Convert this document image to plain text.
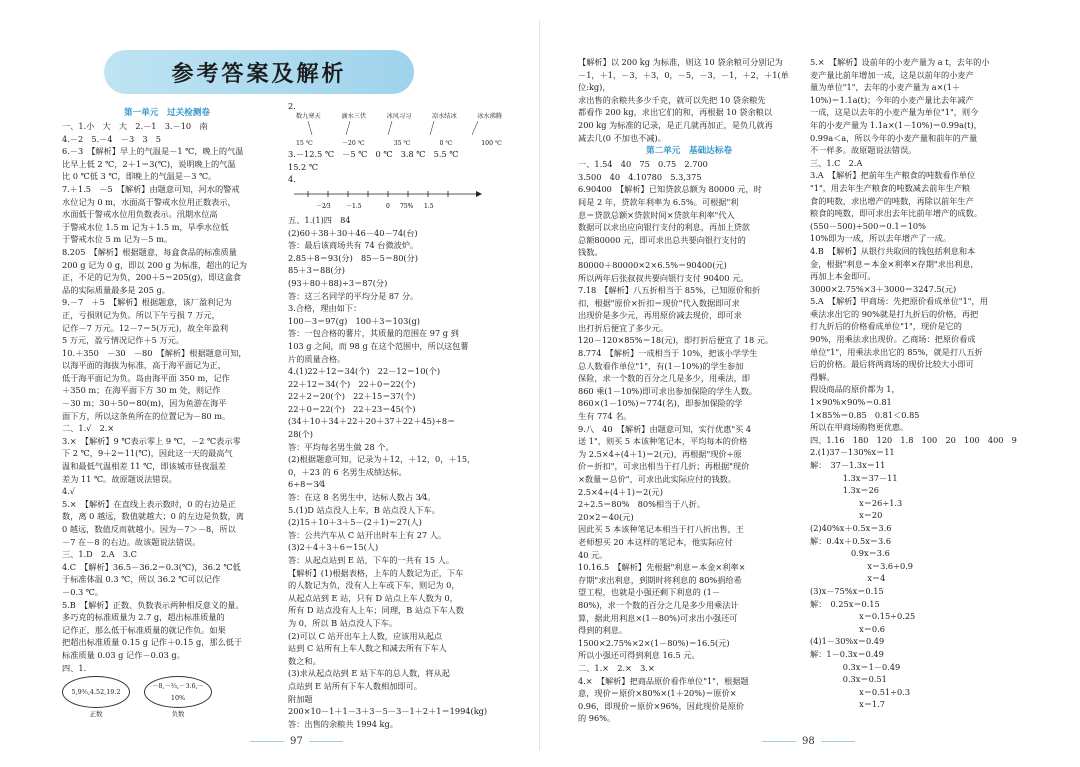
参考答案及解析
第一单元　过关检测卷

一、1.小　大　大　2.－1　3.－10　南

4.－2　5.－4　－3　3　5

6.－3　【解析】早上的气温是－1 ℃，晚上的气温

比早上低 2 ℃，2＋1＝3(℃)，说明晚上的气温

比 0 ℃低 3 ℃，即晚上的气温是－3 ℃。

7.＋1.5　－5　【解析】由题意可知，河水的警戒

水位记为 0 m，水面高于警戒水位用正数表示，

水面低于警戒水位用负数表示。汛期水位高

于警戒水位 1.5 m 记为＋1.5 m，旱季水位低

于警戒水位 5 m 记为－5 m。

8.205　【解析】根据题意，每盒食品的标准质量

200 g 记为 0 g，即以 200 g 为标准，超出的记为

正，不足的记为负，200＋5＝205(g)，即这盒食

品的实际质量最多是 205 g。

9.－7　＋5　【解析】根据题意，该厂盈利记为

正，亏损则记为负。所以下午亏损 7 万元，

记作－7 万元。12－7＝5(万元)，故全年盈利

5 万元，盈亏情况记作＋5 万元。

10.＋350　－30　－80　【解析】根据题意可知，

以海平面的海拔为标准，高于海平面记为正，

低于海平面记为负。岛由海平面 350 m，记作

＋350 m；在海平面下方 30 m 处，则记作

－30 m；30＋50＝80(m)，因为鱼游在海平

面下方，所以这条鱼所在的位置记为－80 m。

二、1.√　2.×

3.×　【解析】9 ℃表示零上 9 ℃，－2 ℃表示零

下 2 ℃，9＋2＝11(℃)，因此这一天的最高气

温和最低气温相差 11 ℃，即该城市昼夜温差

差为 11 ℃。故原题说法错误。

4.√

5.×　【解析】在直线上表示数时，0 的右边是正

数，离 0 越远，数值就越大；0 的左边是负数，离

0 越远，数值反而就越小。因为－7＞－8，所以

－7 在－8 的右边。故该题说法错误。

三、1.D　2.A　3.C

4.C　【解析】36.5－36.2＝0.3(℃)，36.2 ℃低

于标准体温 0.3 ℃，所以 36.2 ℃可以记作

－0.3 ℃。

5.B　【解析】正数、负数表示两种相反意义的量。

多巧克的标准质量为 2.7 g，超出标准质量的

记作正，那么低于标准质量的就记作负。如果

把超出标准质量 0.15 g 记作＋0.15 g，那么低于

标准质量 0.03 g 记作－0.03 g。

四、1.

5,9⅗,4.52,19.2
正数
－8,－⅔,－3.6,－10%
负数

2.

数九寒天	滴水三伏	冰风习习	凉水结冰	冰水沸腾
15 ℃	－20 ℃	35 ℃	0 ℃	100 ℃

3.－12.5 ℃　－5 ℃　0 ℃　3.8 ℃　5.5 ℃

15.2 ℃

4.

－2⁄3	－1.5	0 75% 1.5

五、1.(1)四　84

(2)60＋38＋30＋46－40－74(台)

答：最后该商场共有 74 台微波炉。

2.85＋8＝93(分)　85－5＝80(分)

85＋3＝88(分)

(93＋80＋88)÷3＝87(分)

答：这三名同学的平均分是 87 分。

3.合格，理由如下：

100－3＝97(g)　100＋3＝103(g)

答：一包合格的薯片，其质量的范围在 97 g 到

103 g 之间，而 98 g 在这个范围中，所以这包薯

片的质量合格。

4.(1)22＋12＝34(个)　22－12＝10(个)

22＋12＝34(个)　22＋0＝22(个)

22＋2＝20(个)　22＋15＝37(个)

22＋0＝22(个)　22＋23＝45(个)

(34＋10＋34＋22＋20＋37＋22＋45)÷8＝

28(个)

答：平均每名男生做 28 个。

(2)根据题意可知，记录为＋12，＋12，0，＋15，

0，＋23 的 6 名男生成绩达标。

6÷8＝3⁄4

答：在这 8 名男生中，达标人数占 3⁄4。

5.(1)D 站点没人上车，B 站点没人下车。

(2)15＋10＋3＋5－(2＋1)＝27(人)

答：公共汽车从 C 站开出时车上有 27 人。

(3)2＋4＋3＋6＝15(人)

答：从起点站到 E 站，下车的一共有 15 人。

【解析】(1)根据表格，上车的人数记为正，下车

的人数记为负，没有人上车或下车，则记为 0，

从起点站到 E 站，只有 D 站点上车人数为 0，

所有 D 站点没有人上车；同理，B 站点下车人数

为 0，所以 B 站点没人下车。

(2)可以 C 站开出车上人数，应该用从起点

站到 C 站所有上车人数之和减去所有下车人

数之和。

(3)求从起点站到 E 站下车的总人数，将从起

点站到 E 站所有下车人数相加即可。

附加题

200×10－1＋1－3＋3－5－3－1＋2＋1＝1994(kg)

答：出售的余粮共 1994 kg。

97

【解析】以 200 kg 为标准，则这 10 袋余粮可分别记为

－1，＋1，－3，＋3，0，－5，－3，－1，＋2，＋1(单位:kg)，

求出售的余粮共多少千克，就可以先把 10 袋余粮先

都看作 200 kg，求出它们的和，再根据 10 袋余粮以

200 kg 为标准的记录，是正几就再加正，是负几就再

减去几(0 不加也不减)。

第二单元　基础达标卷

一、1.54　40　75　0.75　2.700

3.500　40　4.10780　5.3,375

6.90400　【解析】已知贷款总额为 80000 元，时

间是 2 年，贷款年利率为 6.5%。可根据"利

息＝贷款总额×贷款时间×贷款年利率"代入

数据可以求出应向银行支付的利息，再加上贷款

总额80000 元，即可求出总共要向银行支付的

钱数。

80000＋80000×2×6.5%＝90400(元)

所以两年后张叔叔共要向银行支付 90400 元。

7.18　【解析】八五折相当于 85%，已知原价和折

扣，根据"原价×折扣＝现价"代入数据即可求

出现价是多少元，再用原价减去现价，即可求

出打折后便宜了多少元。

120－120×85%＝18(元)，即打折后便宜了 18 元。

8.774　【解析】一成相当于 10%，把该小学学生

总人数看作单位"1"，有(1－10%)的学生参加

保险，求一个数的百分之几是多少，用乘法，即

860 乘(1－10%)即可求出参加保险的学生人数。

860×(1－10%)＝774(名)，即参加保险的学

生有 774 名。

9.八　40　【解析】由题意可知，实行优惠"买 4

送 1"，则买 5 本该种笔记本，平均每本的价格

为 2.5×4÷(4＋1)＝2(元)，再根据"现价÷原

价＝折扣"，可求出相当于打几折；再根据"现价

×数量＝总价"，可求出此实际应付的钱数。

2.5×4÷(4＋1)＝2(元)

2÷2.5＝80%　80%相当于八折。

20×2＝40(元)

因此买 5 本该种笔记本相当于打八折出售，王

老师想买 20 本这样的笔记本，他实际应付

40 元。

10.16.5　【解析】先根据"利息＝本金×利率×

存期"求出利息，到期时将利息的 80%捐给希

望工程，也就是小强还剩下利息的 (1－

80%)，求一个数的百分之几是多少用乘法计

算，据此用利息×(1－80%)可求出小强还可

得到的利息。

1500×2.75%×2×(1－80%)＝16.5(元)

所以小强还可得到利息 16.5 元。

二、1.×　2.×　3.×

4.×　【解析】把商品原价看作单位"1"，根据题

意，现价＝原价×80%×(1＋20%)＝原价×

0.96，即现价＝原价×96%，因此现价是原价

的 96%。

5.×　【解析】设前年的小麦产量为 a t，去年的小

麦产量比前年增加一成，这是以前年的小麦产

量为单位"1"，去年的小麦产量为 a×(1＋

10%)＝1.1a(t)；今年的小麦产量比去年减产

一成，这是以去年的小麦产量为单位"1"，则今

年的小麦产量为 1.1a×(1－10%)＝0.99a(t)，

0.99a＜a，所以今年的小麦产量和前年的产量

不一样多。故原题说法错误。

三、1.C　2.A

3.A　【解析】把前年生产粮食的吨数看作单位

"1"，用去年生产粮食的吨数减去前年生产粮

食的吨数，求出增产的吨数，再除以前年生产

粮食的吨数，即可求出去年比前年增产的成数。

(550－500)÷500＝0.1＝10%

10%即为一成，所以去年增产了一成。

4.B　【解析】从银行共取回的钱包括利息和本

金，根据"利息＝本金×利率×存期"求出利息，

再加上本金即可。

3000×2.75%×3＋3000＝3247.5(元)

5.A　【解析】甲商场：先把原价看成单位"1"，用

乘法求出它的 90%就是打九折后的价格，再把

打九折后的价格看成单位"1"，现价是它的

90%，用乘法求出现价。乙商场：把原价看成

单位"1"，用乘法求出它的 85%，就是打八五折

后的价格。最后将两商场的现价比较大小即可

得解。

假设商品的原价都为 1，

1×90%×90%＝0.81

1×85%＝0.85　0.81＜0.85

所以在甲商场购物更优惠。

四、1.16　180　120　1.8　100　20　100　400　9

2.(1)37－130%x＝11

解：　37－1.3x＝11

　　　　1.3x＝37－11

　　　　1.3x＝26

　　　　　　x＝26÷1.3

　　　　　　x＝20

(2)40%x＋0.5x＝3.6

解：0.4x＋0.5x＝3.6

　　　　　0.9x＝3.6

　　　　　　　x＝3.6÷0.9

　　　　　　　x＝4

(3)x－75%x＝0.15

解：　0.25x＝0.15

　　　　　　x＝0.15÷0.25

　　　　　　x＝0.6

(4)1－30%x＝0.49

解：1－0.3x＝0.49

　　　　0.3x＝1－0.49

　　　　0.3x＝0.51

　　　　　　x＝0.51÷0.3

　　　　　　x＝1.7

98
